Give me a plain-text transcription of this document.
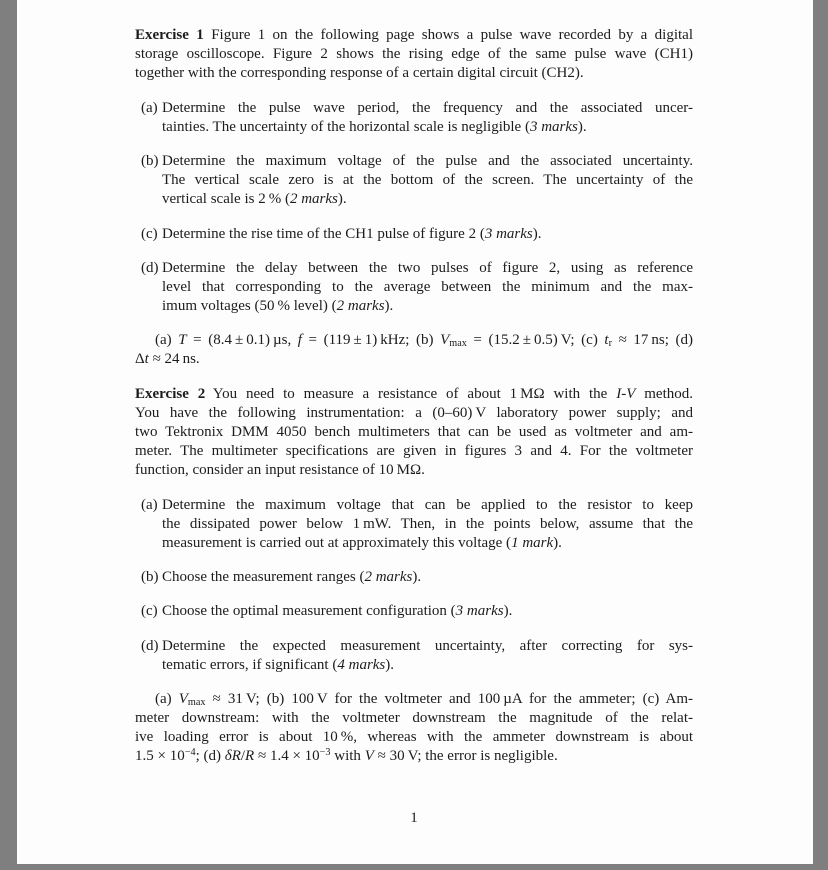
Exercise 1 Figure 1 on the following page shows a pulse wave recorded by a digital
storage oscilloscope. Figure 2 shows the rising edge of the same pulse wave (CH1)
together with the corresponding response of a certain digital circuit (CH2).
(a) Determine the pulse wave period, the frequency and the associated uncer-
tainties. The uncertainty of the horizontal scale is negligible (3 marks).
(b) Determine the maximum voltage of the pulse and the associated uncertainty.
The vertical scale zero is at the bottom of the screen. The uncertainty of the
vertical scale is 2 % (2 marks).
(c) Determine the rise time of the CH1 pulse of figure 2 (3 marks).
(d) Determine the delay between the two pulses of figure 2, using as reference
level that corresponding to the average between the minimum and the max-
imum voltages (50 % level) (2 marks).
(a) T = (8.4 ± 0.1) µs, f = (119 ± 1) kHz; (b) $V_{max} = (15.2 \pm 0.5)$ V; (c) $t_r \approx 17$ ns; (d)
Δt ≈ 24 ns.
Exercise 2 You need to measure a resistance of about 1 MΩ with the I-V method.
You have the following instrumentation: a (0–60) V laboratory power supply; and
two Tektronix DMM 4050 bench multimeters that can be used as voltmeter and am-
meter. The multimeter specifications are given in figures 3 and 4. For the voltmeter
function, consider an input resistance of 10 MΩ.
(a) Determine the maximum voltage that can be applied to the resistor to keep
the dissipated power below 1 mW. Then, in the points below, assume that the
measurement is carried out at approximately this voltage (1 mark).
(b) Choose the measurement ranges (2 marks).
(c) Choose the optimal measurement configuration (3 marks).
(d) Determine the expected measurement uncertainty, after correcting for sys-
tematic errors, if significant (4 marks).
(a) $V_{max} \approx 31$ V; (b) 100 V for the voltmeter and 100 µA for the ammeter; (c) Am-
meter downstream: with the voltmeter downstream the magnitude of the relat-
ive loading error is about 10 %, whereas with the ammeter downstream is about
$1.5 \times 10^{-4}$; (d) $\delta R/R \approx 1.4 \times 10^{-3}$ with V ≈ 30 V; the error is negligible.
1
